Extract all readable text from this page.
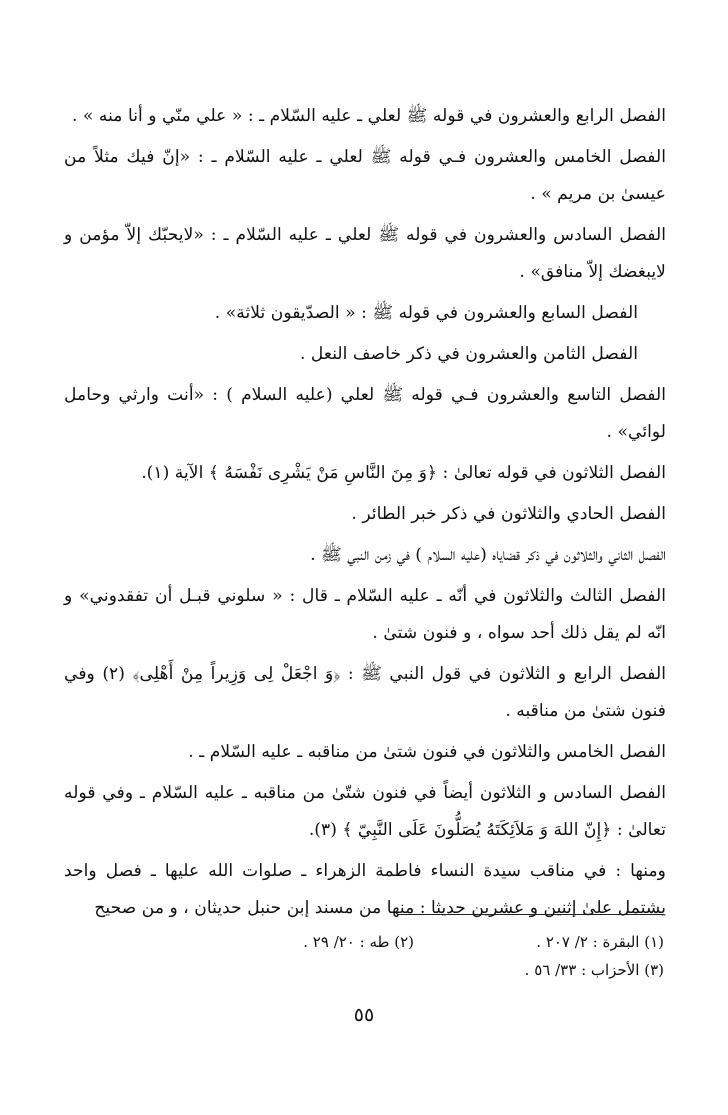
الفصل الرابع والعشرون في قوله ﷺ لعلي ـ عليه السّلام ـ : « علي منّي و أنا منه » .

الفصل الخامس والعشرون فـي قوله ﷺ لعلي ـ عليه السّلام ـ : «إنّ فيك مثلاً من عيسىٰ بن مريم » .

الفصل السادس والعشرون في قوله ﷺ لعلي ـ عليه السّلام ـ : «لايحبّك إلاّ مؤمن و لايبغضك إلاّ منافق» .

الفصل السابع والعشرون في قوله ﷺ : « الصدّيقون ثلاثة» .

الفصل الثامن والعشرون في ذكر خاصف النعل .

الفصل التاسع والعشرون فـي قوله ﷺ لعلي (عليه السلام ) : «أنت وارثي وحامل لوائي» .

الفصل الثلاثون في قوله تعالىٰ : ﴿وَ مِنَ النَّاسِ مَنْ يَشْرِى نَفْسَهُ ﴾ الآية (١).

الفصل الحادي والثلاثون في ذكر خبر الطائر .

الفصل الثاني والثلاثون في ذكر قضاياه (عليه السلام ) في زمن النبي ﷺ .

الفصل الثالث والثلاثون في أنّه ـ عليه السّلام ـ قال : « سلوني قبـل أن تفقدوني» و انّه لم يقل ذلك أحد سواه ، و فنون شتىٰ .

الفصل الرابع و الثلاثون في قول النبي ﷺ : ﴿وَ اجْعَلْ لِى وَزِيراً مِنْ أَهْلِى﴾ (٢) وفي فنون شتىٰ من مناقبه .

الفصل الخامس والثلاثون في فنون شتىٰ من مناقبه ـ عليه السّلام ـ .

الفصل السادس و الثلاثون أيضاً في فنون شتّىٰ من مناقبه ـ عليه السّلام ـ وفي قوله تعالىٰ : ﴿إِنّ اللهَ وَ مَلاَئِكَتَهُ يُصَلُّونَ عَلَى النَّبِيّ ﴾ (٣).

ومنها : في مناقب سيدة النساء فاطمة الزهراء ـ صلوات الله عليها ـ فصل واحد يشتمل علىٰ إثنين و عشرين حديثا : منها من مسند إبن حنبل حديثان ، و من صحيح

(١) البقرة : ٢/ ٢٠٧ .
(٢) طه : ٢٠/ ٢٩ .
(٣) الأحزاب : ٣٣/ ٥٦ .
٥٥
